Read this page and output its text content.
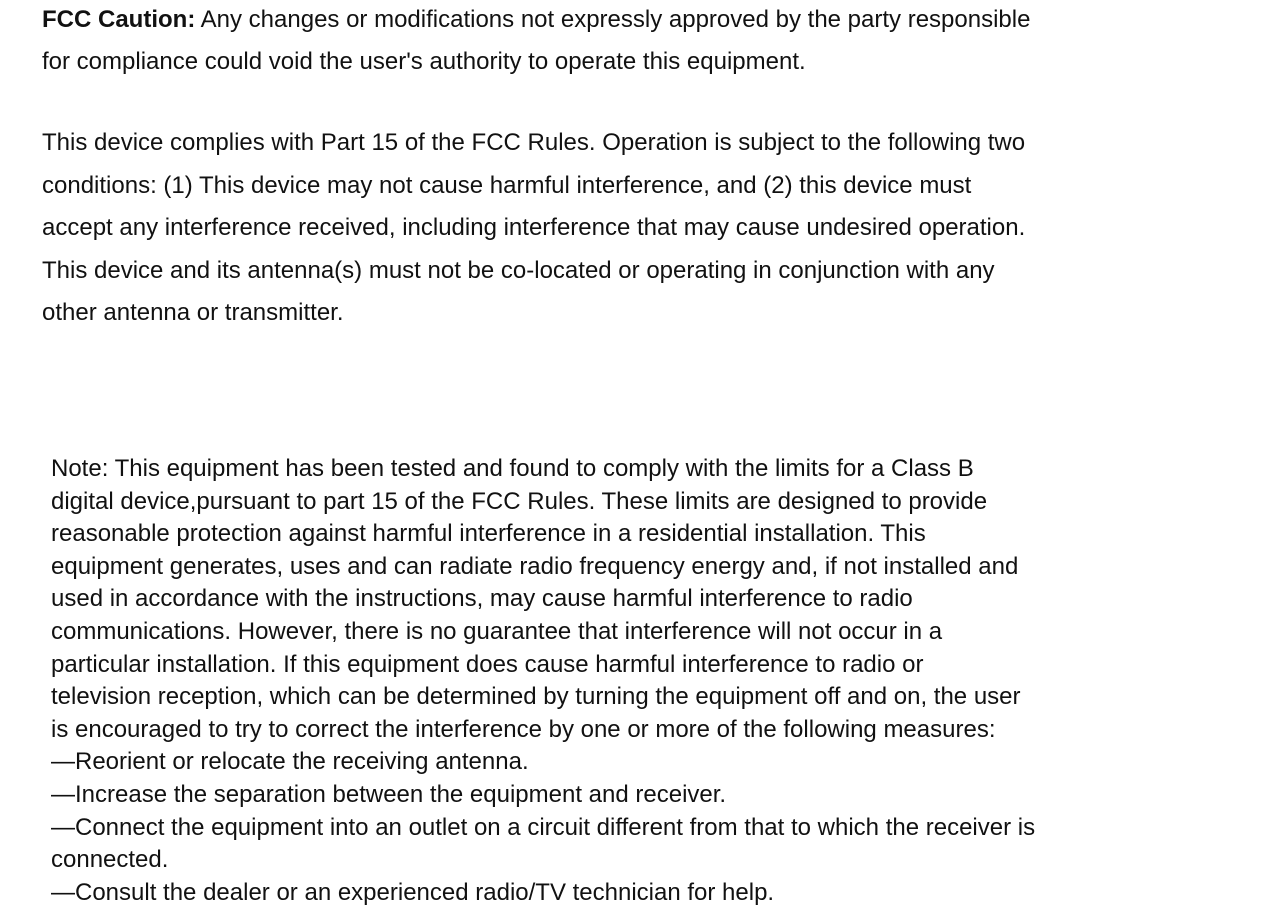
FCC Caution: Any changes or modifications not expressly approved by the party responsible
for compliance could void the user's authority to operate this equipment.

This device complies with Part 15 of the FCC Rules. Operation is subject to the following two

conditions: (1) This device may not cause harmful interference, and (2) this device must

accept any interference received, including interference that may cause undesired operation.

This device and its antenna(s) must not be co-located or operating in conjunction with any

other antenna or transmitter.

Note: This equipment has been tested and found to comply with the limits for a Class B

digital device,pursuant to part 15 of the FCC Rules. These limits are designed to provide

reasonable protection against harmful interference in a residential installation. This

equipment generates, uses and can radiate radio frequency energy and, if not installed and

used in accordance with the instructions, may cause harmful interference to radio

communications. However, there is no guarantee that interference will not occur in a

particular installation. If this equipment does cause harmful interference to radio or

television reception, which can be determined by turning the equipment off and on, the user

is encouraged to try to correct the interference by one or more of the following measures:

—Reorient or relocate the receiving antenna.

—Increase the separation between the equipment and receiver.

—Connect the equipment into an outlet on a circuit different from that to which the receiver is

connected.

—Consult the dealer or an experienced radio/TV technician for help.
